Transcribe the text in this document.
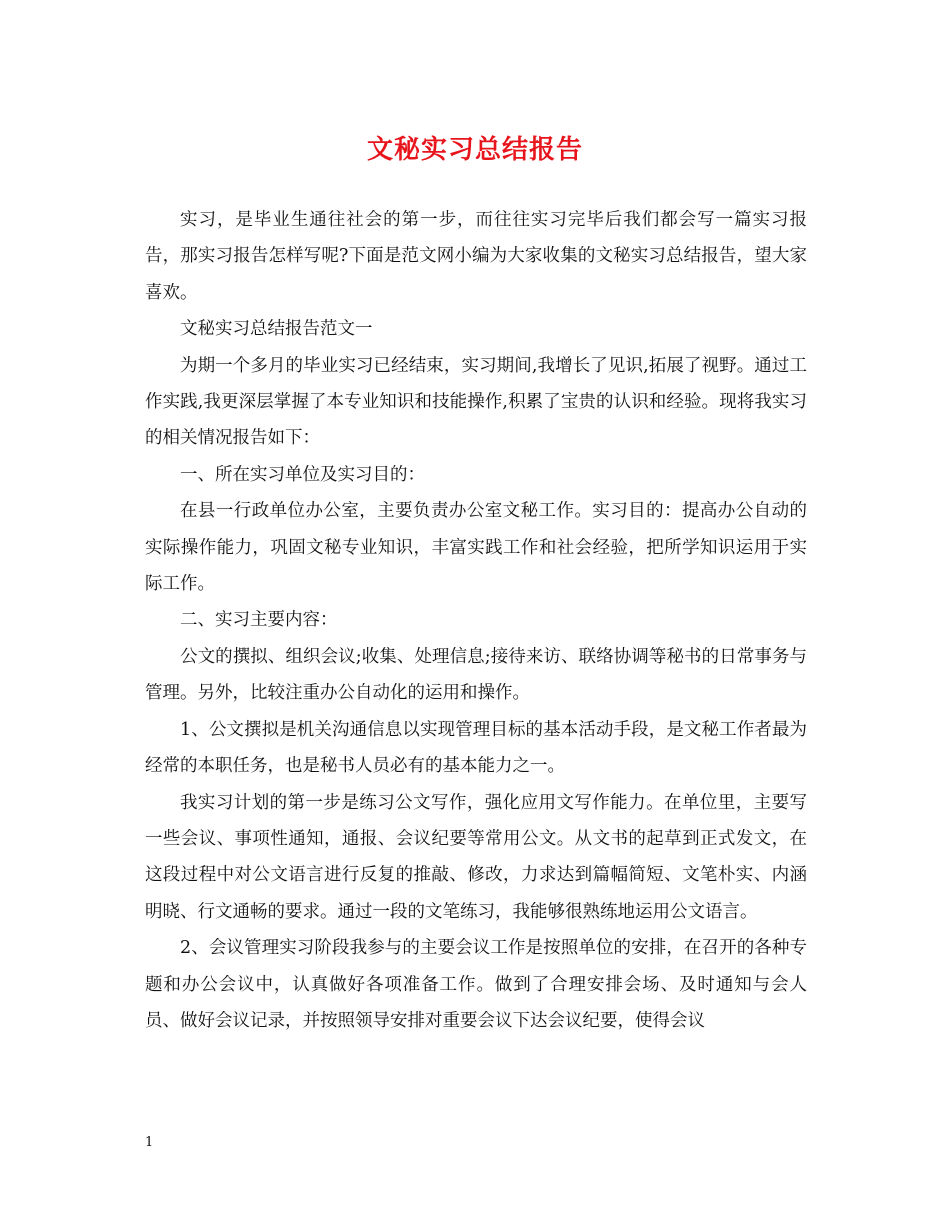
文秘实习总结报告

实习，是毕业生通往社会的第一步，而往往实习完毕后我们都会写一篇实习报告，那实习报告怎样写呢?下面是范文网小编为大家收集的文秘实习总结报告，望大家喜欢。

文秘实习总结报告范文一

为期一个多月的毕业实习已经结束，实习期间,我增长了见识,拓展了视野。通过工作实践,我更深层掌握了本专业知识和技能操作,积累了宝贵的认识和经验。现将我实习的相关情况报告如下：

一、所在实习单位及实习目的：

在县一行政单位办公室，主要负责办公室文秘工作。实习目的：提高办公自动的实际操作能力，巩固文秘专业知识，丰富实践工作和社会经验，把所学知识运用于实际工作。

二、实习主要内容：

公文的撰拟、组织会议;收集、处理信息;接待来访、联络协调等秘书的日常事务与管理。另外，比较注重办公自动化的运用和操作。

1、公文撰拟是机关沟通信息以实现管理目标的基本活动手段，是文秘工作者最为经常的本职任务，也是秘书人员必有的基本能力之一。

我实习计划的第一步是练习公文写作，强化应用文写作能力。在单位里，主要写一些会议、事项性通知，通报、会议纪要等常用公文。从文书的起草到正式发文，在这段过程中对公文语言进行反复的推敲、修改，力求达到篇幅简短、文笔朴实、内涵明晓、行文通畅的要求。通过一段的文笔练习，我能够很熟练地运用公文语言。

2、会议管理实习阶段我参与的主要会议工作是按照单位的安排，在召开的各种专题和办公会议中，认真做好各项准备工作。做到了合理安排会场、及时通知与会人员、做好会议记录，并按照领导安排对重要会议下达会议纪要，使得会议

1
